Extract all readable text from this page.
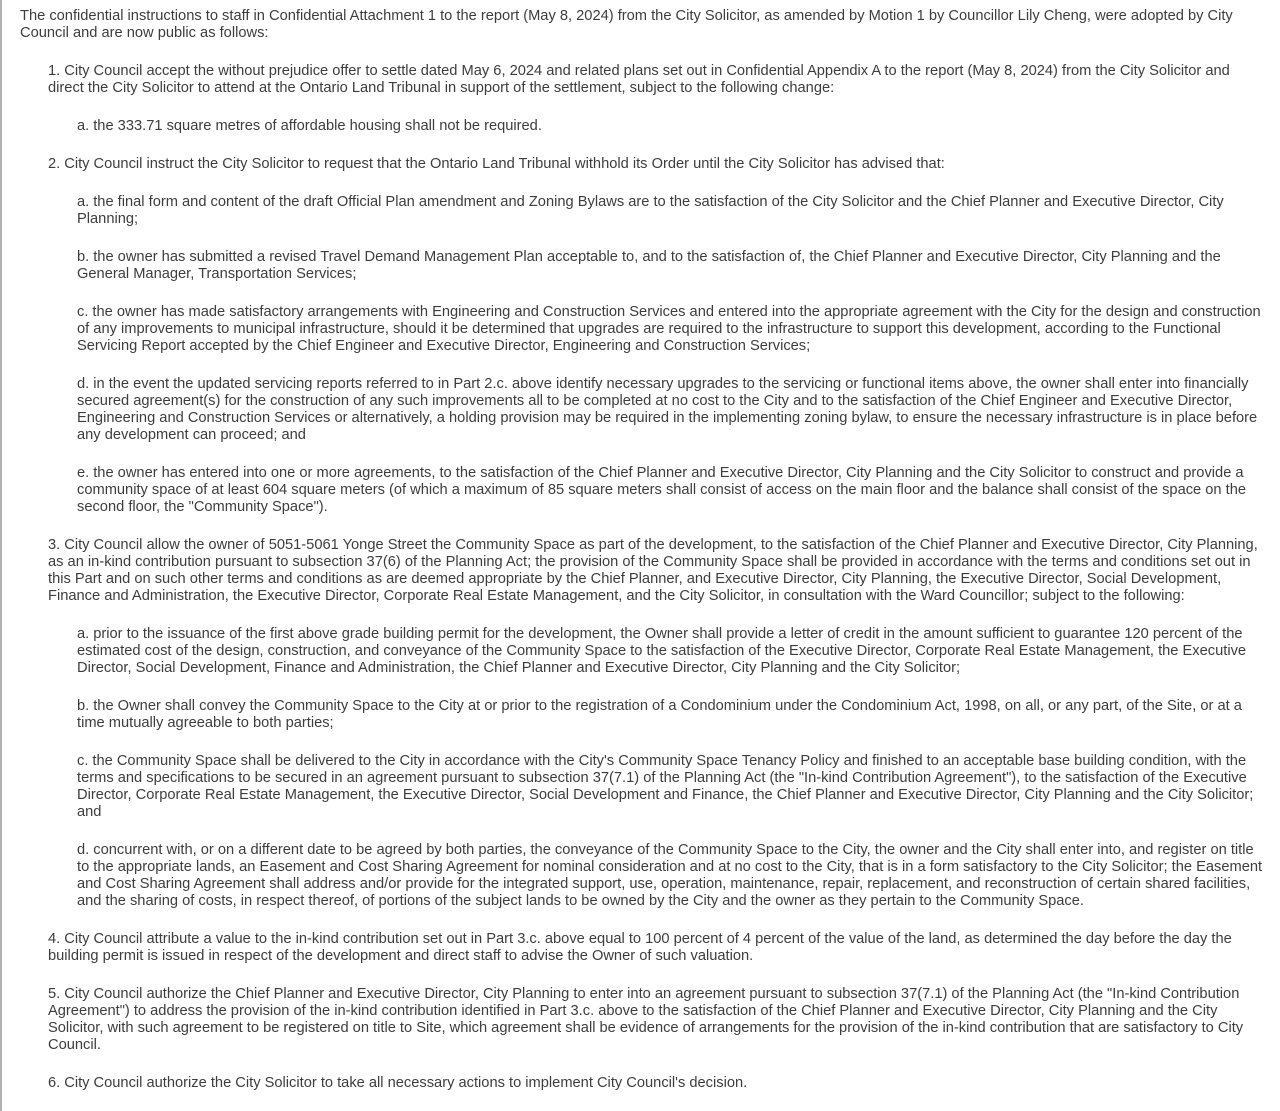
The confidential instructions to staff in Confidential Attachment 1 to the report (May 8, 2024) from the City Solicitor, as amended by Motion 1 by Councillor Lily Cheng, were adopted by City Council and are now public as follows:

1. City Council accept the without prejudice offer to settle dated May 6, 2024 and related plans set out in Confidential Appendix A to the report (May 8, 2024) from the City Solicitor and direct the City Solicitor to attend at the Ontario Land Tribunal in support of the settlement, subject to the following change:

a. the 333.71 square metres of affordable housing shall not be required.

2. City Council instruct the City Solicitor to request that the Ontario Land Tribunal withhold its Order until the City Solicitor has advised that:

a. the final form and content of the draft Official Plan amendment and Zoning Bylaws are to the satisfaction of the City Solicitor and the Chief Planner and Executive Director, City Planning;

b. the owner has submitted a revised Travel Demand Management Plan acceptable to, and to the satisfaction of, the Chief Planner and Executive Director, City Planning and the General Manager, Transportation Services;

c. the owner has made satisfactory arrangements with Engineering and Construction Services and entered into the appropriate agreement with the City for the design and construction of any improvements to municipal infrastructure, should it be determined that upgrades are required to the infrastructure to support this development, according to the Functional Servicing Report accepted by the Chief Engineer and Executive Director, Engineering and Construction Services;

d. in the event the updated servicing reports referred to in Part 2.c. above identify necessary upgrades to the servicing or functional items above, the owner shall enter into financially secured agreement(s) for the construction of any such improvements all to be completed at no cost to the City and to the satisfaction of the Chief Engineer and Executive Director, Engineering and Construction Services or alternatively, a holding provision may be required in the implementing zoning bylaw, to ensure the necessary infrastructure is in place before any development can proceed; and

e. the owner has entered into one or more agreements, to the satisfaction of the Chief Planner and Executive Director, City Planning and the City Solicitor to construct and provide a community space of at least 604 square meters (of which a maximum of 85 square meters shall consist of access on the main floor and the balance shall consist of the space on the second floor, the "Community Space").

3. City Council allow the owner of 5051-5061 Yonge Street the Community Space as part of the development, to the satisfaction of the Chief Planner and Executive Director, City Planning, as an in-kind contribution pursuant to subsection 37(6) of the Planning Act; the provision of the Community Space shall be provided in accordance with the terms and conditions set out in this Part and on such other terms and conditions as are deemed appropriate by the Chief Planner, and Executive Director, City Planning, the Executive Director, Social Development, Finance and Administration, the Executive Director, Corporate Real Estate Management, and the City Solicitor, in consultation with the Ward Councillor; subject to the following:

a. prior to the issuance of the first above grade building permit for the development, the Owner shall provide a letter of credit in the amount sufficient to guarantee 120 percent of the estimated cost of the design, construction, and conveyance of the Community Space to the satisfaction of the Executive Director, Corporate Real Estate Management, the Executive Director, Social Development, Finance and Administration, the Chief Planner and Executive Director, City Planning and the City Solicitor;

b. the Owner shall convey the Community Space to the City at or prior to the registration of a Condominium under the Condominium Act, 1998, on all, or any part, of the Site, or at a time mutually agreeable to both parties;

c. the Community Space shall be delivered to the City in accordance with the City's Community Space Tenancy Policy and finished to an acceptable base building condition, with the terms and specifications to be secured in an agreement pursuant to subsection 37(7.1) of the Planning Act (the "In-kind Contribution Agreement"), to the satisfaction of the Executive Director, Corporate Real Estate Management, the Executive Director, Social Development and Finance, the Chief Planner and Executive Director, City Planning and the City Solicitor; and

d. concurrent with, or on a different date to be agreed by both parties, the conveyance of the Community Space to the City, the owner and the City shall enter into, and register on title to the appropriate lands, an Easement and Cost Sharing Agreement for nominal consideration and at no cost to the City, that is in a form satisfactory to the City Solicitor; the Easement and Cost Sharing Agreement shall address and/or provide for the integrated support, use, operation, maintenance, repair, replacement, and reconstruction of certain shared facilities, and the sharing of costs, in respect thereof, of portions of the subject lands to be owned by the City and the owner as they pertain to the Community Space.

4. City Council attribute a value to the in-kind contribution set out in Part 3.c. above equal to 100 percent of 4 percent of the value of the land, as determined the day before the day the building permit is issued in respect of the development and direct staff to advise the Owner of such valuation.

5. City Council authorize the Chief Planner and Executive Director, City Planning to enter into an agreement pursuant to subsection 37(7.1) of the Planning Act (the "In-kind Contribution Agreement") to address the provision of the in-kind contribution identified in Part 3.c. above to the satisfaction of the Chief Planner and Executive Director, City Planning and the City Solicitor, with such agreement to be registered on title to Site, which agreement shall be evidence of arrangements for the provision of the in-kind contribution that are satisfactory to City Council.

6. City Council authorize the City Solicitor to take all necessary actions to implement City Council's decision.
